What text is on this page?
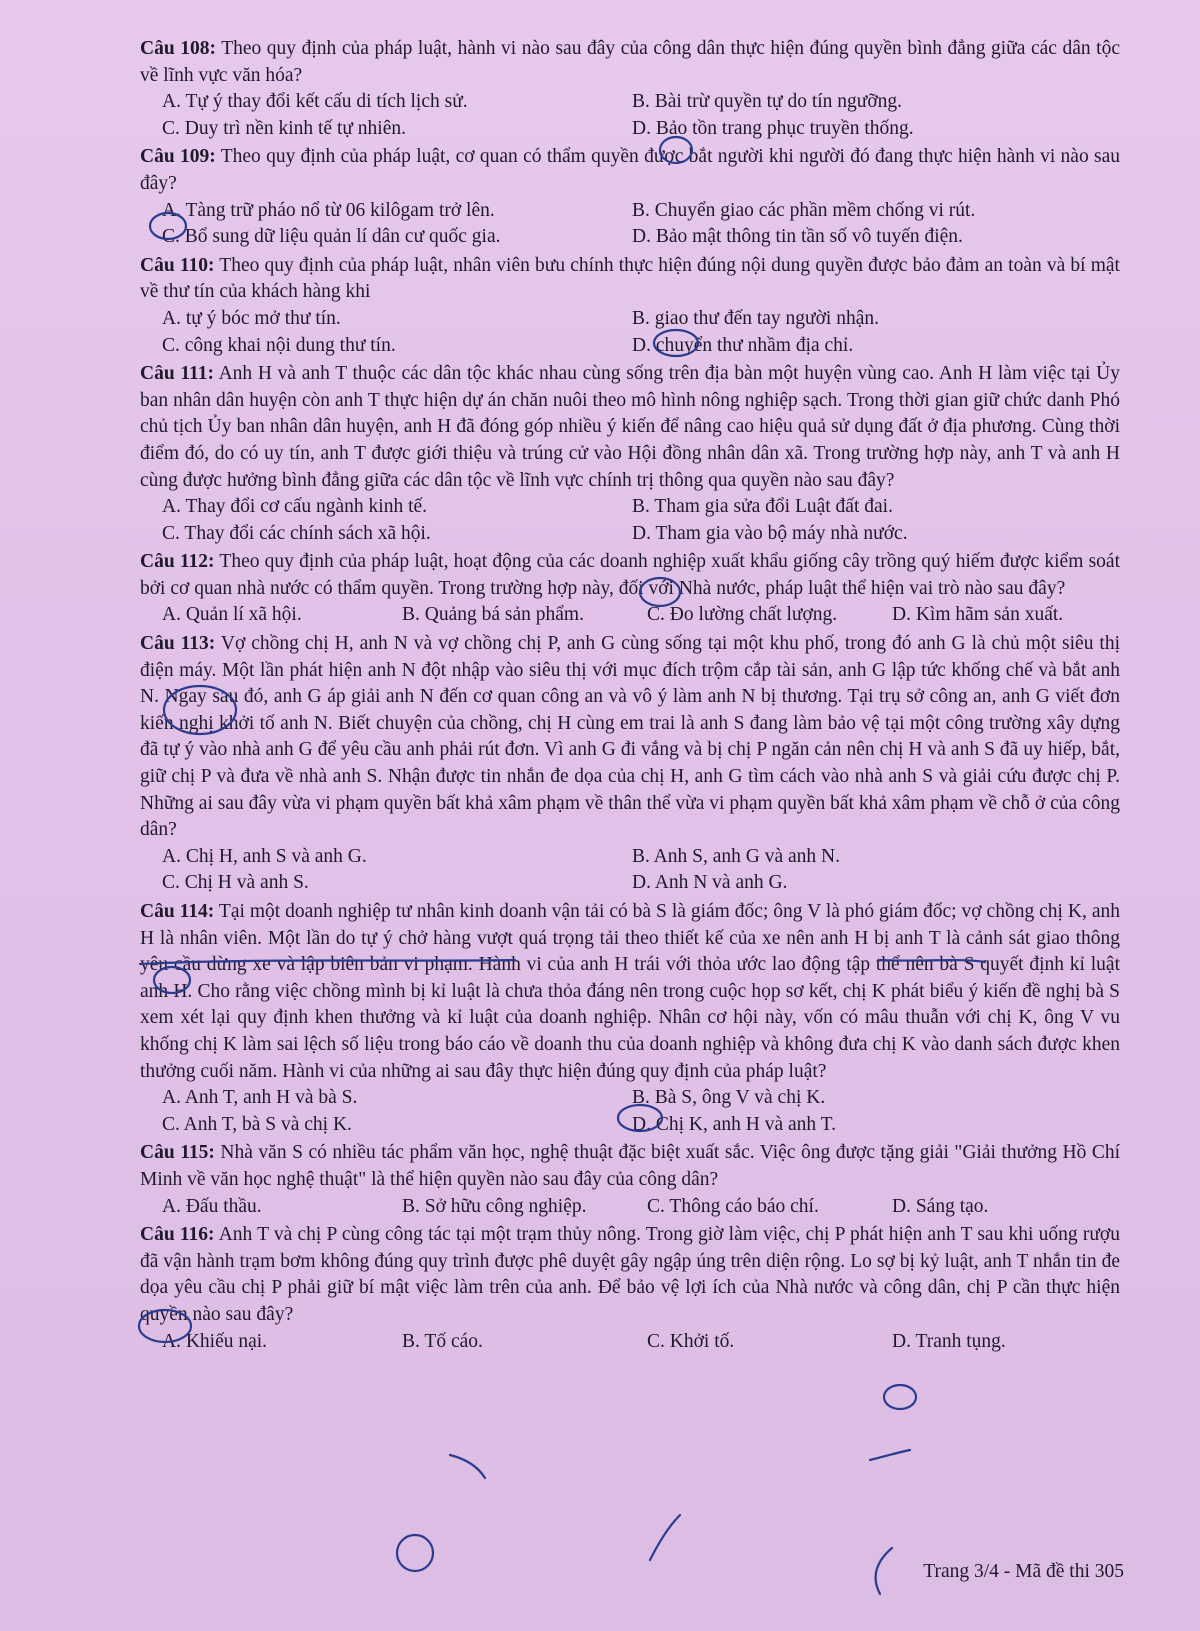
Câu 108: Theo quy định của pháp luật, hành vi nào sau đây của công dân thực hiện đúng quyền bình đẳng giữa các dân tộc về lĩnh vực văn hóa?
A. Tự ý thay đổi kết cấu di tích lịch sử.	B. Bài trừ quyền tự do tín ngưỡng.
C. Duy trì nền kinh tế tự nhiên.	D. Bảo tồn trang phục truyền thống.
Câu 109: Theo quy định của pháp luật, cơ quan có thẩm quyền được bắt người khi người đó đang thực hiện hành vi nào sau đây?
A. Tàng trữ pháo nổ từ 06 kilôgam trở lên.	B. Chuyển giao các phần mềm chống vi rút.
C. Bổ sung dữ liệu quản lí dân cư quốc gia.	D. Bảo mật thông tin tần số vô tuyến điện.
Câu 110: Theo quy định của pháp luật, nhân viên bưu chính thực hiện đúng nội dung quyền được bảo đảm an toàn và bí mật về thư tín của khách hàng khi
A. tự ý bóc mở thư tín.	B. giao thư đến tay người nhận.
C. công khai nội dung thư tín.	D. chuyển thư nhầm địa chỉ.
Câu 111: Anh H và anh T thuộc các dân tộc khác nhau cùng sống trên địa bàn một huyện vùng cao. Anh H làm việc tại Ủy ban nhân dân huyện còn anh T thực hiện dự án chăn nuôi theo mô hình nông nghiệp sạch. Trong thời gian giữ chức danh Phó chủ tịch Ủy ban nhân dân huyện, anh H đã đóng góp nhiều ý kiến để nâng cao hiệu quả sử dụng đất ở địa phương. Cùng thời điểm đó, do có uy tín, anh T được giới thiệu và trúng cử vào Hội đồng nhân dân xã. Trong trường hợp này, anh T và anh H cùng được hưởng bình đẳng giữa các dân tộc về lĩnh vực chính trị thông qua quyền nào sau đây?
A. Thay đổi cơ cấu ngành kinh tế.	B. Tham gia sửa đổi Luật đất đai.
C. Thay đổi các chính sách xã hội.	D. Tham gia vào bộ máy nhà nước.
Câu 112: Theo quy định của pháp luật, hoạt động của các doanh nghiệp xuất khẩu giống cây trồng quý hiếm được kiểm soát bởi cơ quan nhà nước có thẩm quyền. Trong trường hợp này, đối với Nhà nước, pháp luật thể hiện vai trò nào sau đây?
A. Quản lí xã hội.	B. Quảng bá sản phẩm.	C. Đo lường chất lượng.	D. Kìm hãm sản xuất.
Câu 113: Vợ chồng chị H, anh N và vợ chồng chị P, anh G cùng sống tại một khu phố, trong đó anh G là chủ một siêu thị điện máy. Một lần phát hiện anh N đột nhập vào siêu thị với mục đích trộm cắp tài sản, anh G lập tức khống chế và bắt anh N. Ngay sau đó, anh G áp giải anh N đến cơ quan công an và vô ý làm anh N bị thương. Tại trụ sở công an, anh G viết đơn kiến nghị khởi tố anh N. Biết chuyện của chồng, chị H cùng em trai là anh S đang làm bảo vệ tại một công trường xây dựng đã tự ý vào nhà anh G để yêu cầu anh phải rút đơn. Vì anh G đi vắng và bị chị P ngăn cản nên chị H và anh S đã uy hiếp, bắt, giữ chị P và đưa về nhà anh S. Nhận được tin nhắn đe dọa của chị H, anh G tìm cách vào nhà anh S và giải cứu được chị P. Những ai sau đây vừa vi phạm quyền bất khả xâm phạm về thân thể vừa vi phạm quyền bất khả xâm phạm về chỗ ở của công dân?
A. Chị H, anh S và anh G.	B. Anh S, anh G và anh N.
C. Chị H và anh S.	D. Anh N và anh G.
Câu 114: Tại một doanh nghiệp tư nhân kinh doanh vận tải có bà S là giám đốc; ông V là phó giám đốc; vợ chồng chị K, anh H là nhân viên. Một lần do tự ý chở hàng vượt quá trọng tải theo thiết kế của xe nên anh H bị anh T là cảnh sát giao thông yêu cầu dừng xe và lập biên bản vi phạm. Hành vi của anh H trái với thỏa ước lao động tập thể nên bà S quyết định kỉ luật anh H. Cho rằng việc chồng mình bị kỉ luật là chưa thỏa đáng nên trong cuộc họp sơ kết, chị K phát biểu ý kiến đề nghị bà S xem xét lại quy định khen thưởng và kỉ luật của doanh nghiệp. Nhân cơ hội này, vốn có mâu thuẫn với chị K, ông V vu khống chị K làm sai lệch số liệu trong báo cáo về doanh thu của doanh nghiệp và không đưa chị K vào danh sách được khen thưởng cuối năm. Hành vi của những ai sau đây thực hiện đúng quy định của pháp luật?
A. Anh T, anh H và bà S.	B. Bà S, ông V và chị K.
C. Anh T, bà S và chị K.	D. Chị K, anh H và anh T.
Câu 115: Nhà văn S có nhiều tác phẩm văn học, nghệ thuật đặc biệt xuất sắc. Việc ông được tặng giải "Giải thưởng Hồ Chí Minh về văn học nghệ thuật" là thể hiện quyền nào sau đây của công dân?
A. Đấu thầu.	B. Sở hữu công nghiệp.	C. Thông cáo báo chí.	D. Sáng tạo.
Câu 116: Anh T và chị P cùng công tác tại một trạm thủy nông. Trong giờ làm việc, chị P phát hiện anh T sau khi uống rượu đã vận hành trạm bơm không đúng quy trình được phê duyệt gây ngập úng trên diện rộng. Lo sợ bị kỷ luật, anh T nhắn tin đe dọa yêu cầu chị P phải giữ bí mật việc làm trên của anh. Để bảo vệ lợi ích của Nhà nước và công dân, chị P cần thực hiện quyền nào sau đây?
A. Khiếu nại.	B. Tố cáo.	C. Khởi tố.	D. Tranh tụng.
Trang 3/4 - Mã đề thi 305
